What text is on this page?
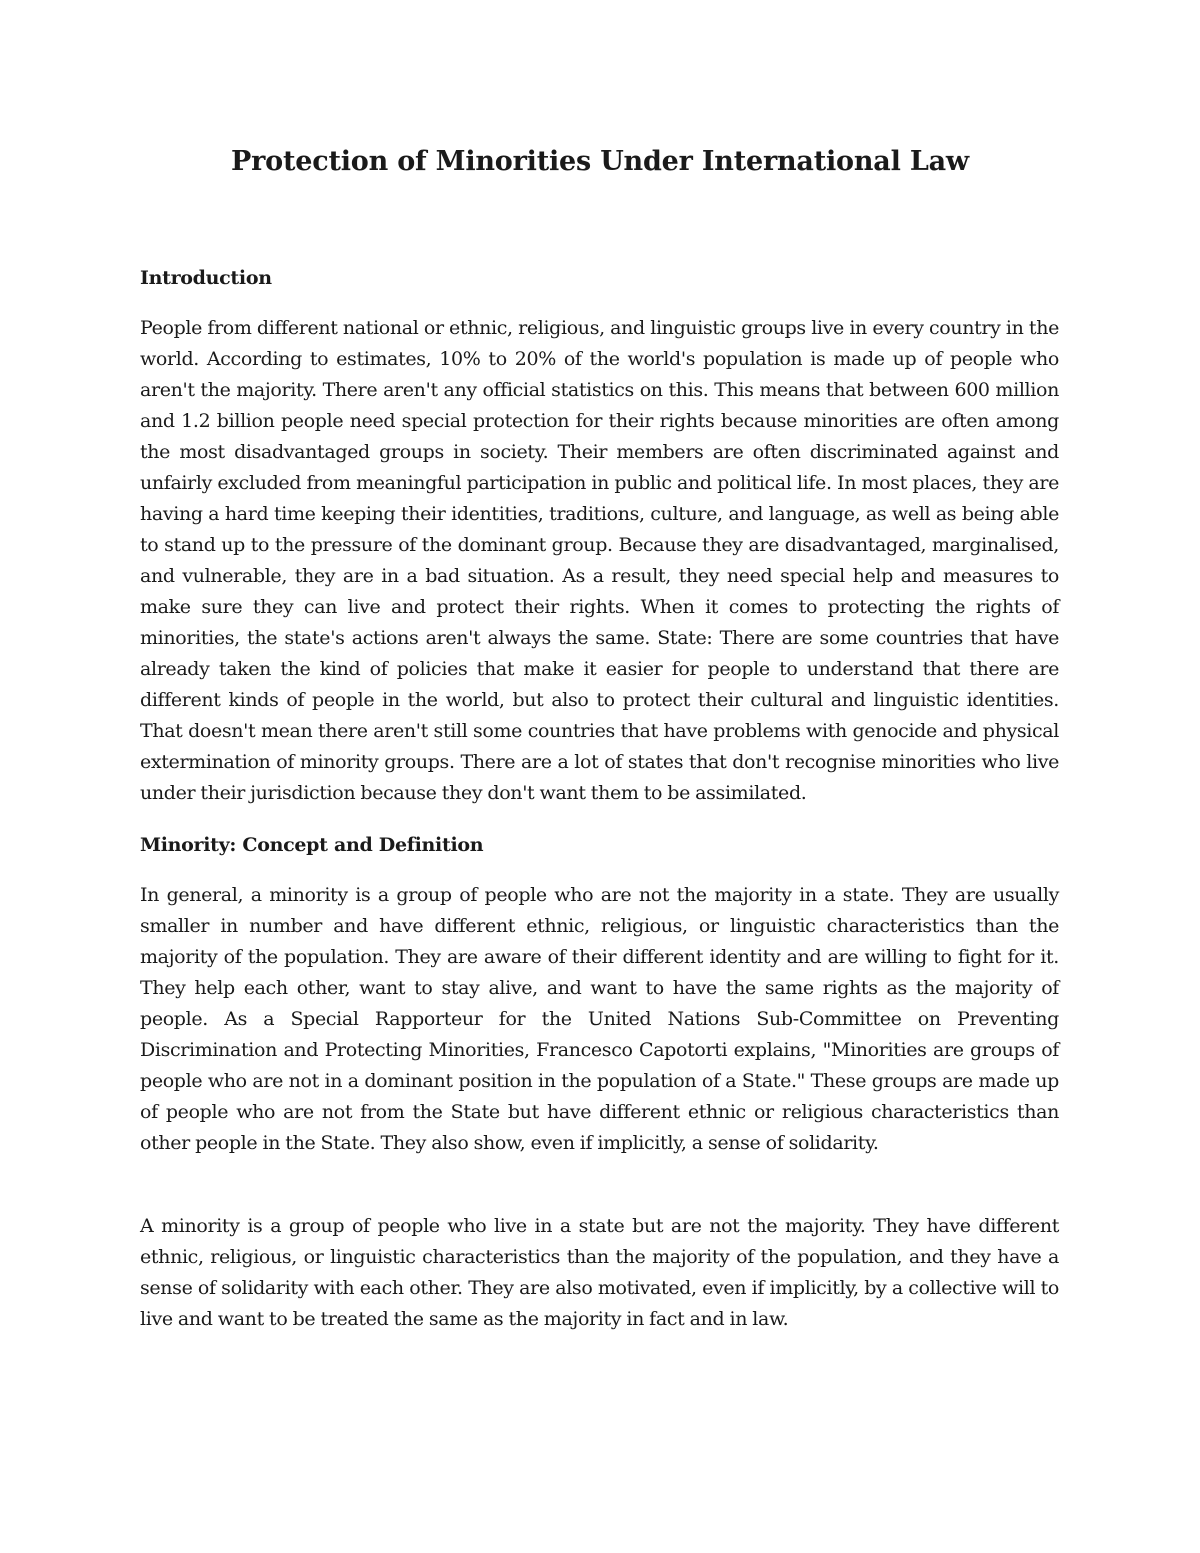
Protection of Minorities Under International Law
Introduction

People from different national or ethnic, religious, and linguistic groups live in every country in the world. According to estimates, 10% to 20% of the world's population is made up of people who aren't the majority. There aren't any official statistics on this. This means that between 600 million and 1.2 billion people need special protection for their rights because minorities are often among the most disadvantaged groups in society. Their members are often discriminated against and unfairly excluded from meaningful participation in public and political life. In most places, they are having a hard time keeping their identities, traditions, culture, and language, as well as being able to stand up to the pressure of the dominant group. Because they are disadvantaged, marginalised, and vulnerable, they are in a bad situation. As a result, they need special help and measures to make sure they can live and protect their rights. When it comes to protecting the rights of minorities, the state's actions aren't always the same. State: There are some countries that have already taken the kind of policies that make it easier for people to understand that there are different kinds of people in the world, but also to protect their cultural and linguistic identities. That doesn't mean there aren't still some countries that have problems with genocide and physical extermination of minority groups. There are a lot of states that don't recognise minorities who live under their jurisdiction because they don't want them to be assimilated.

Minority: Concept and Definition

In general, a minority is a group of people who are not the majority in a state. They are usually smaller in number and have different ethnic, religious, or linguistic characteristics than the majority of the population. They are aware of their different identity and are willing to fight for it. They help each other, want to stay alive, and want to have the same rights as the majority of people. As a Special Rapporteur for the United Nations Sub-Committee on Preventing Discrimination and Protecting Minorities, Francesco Capotorti explains, "Minorities are groups of people who are not in a dominant position in the population of a State." These groups are made up of people who are not from the State but have different ethnic or religious characteristics than other people in the State. They also show, even if implicitly, a sense of solidarity.

A minority is a group of people who live in a state but are not the majority. They have different ethnic, religious, or linguistic characteristics than the majority of the population, and they have a sense of solidarity with each other. They are also motivated, even if implicitly, by a collective will to live and want to be treated the same as the majority in fact and in law.
